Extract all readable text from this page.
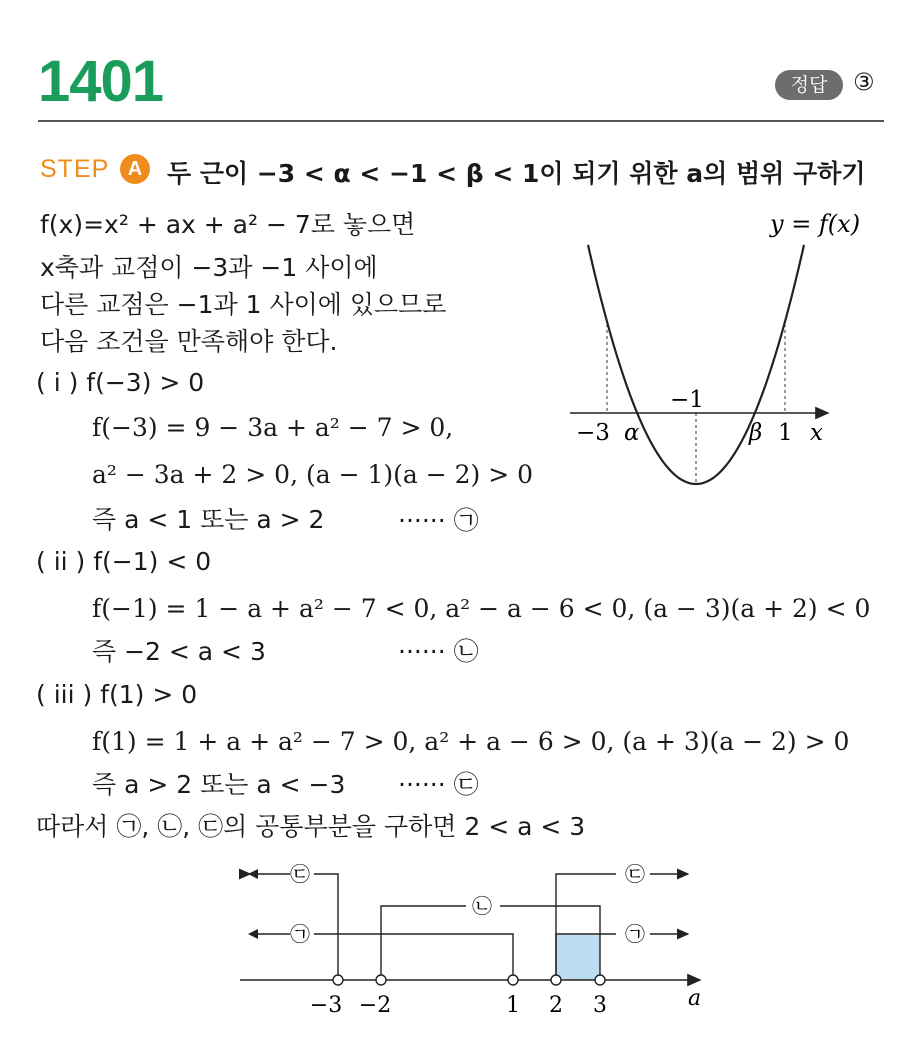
1401	정답	③
STEP A 두 근이 −3 < α < −1 < β < 1이 되기 위한 a의 범위 구하기
f(x)=x² + ax + a² − 7로 놓으면
x축과 교점이 −3과 −1 사이에
다른 교점은 −1과 1 사이에 있으므로
다음 조건을 만족해야 한다.
( i ) f(−3) > 0
f(−3) = 9 − 3a + a² − 7 > 0,
a² − 3a + 2 > 0, (a − 1)(a − 2) > 0
즉 a < 1 또는 a > 2	······ ㉠
( ii ) f(−1) < 0
f(−1) = 1 − a + a² − 7 < 0, a² − a − 6 < 0, (a − 3)(a + 2) < 0
즉 −2 < a < 3	······ ㉡
( iii ) f(1) > 0
f(1) = 1 + a + a² − 7 > 0, a² + a − 6 > 0, (a + 3)(a − 2) > 0
즉 a > 2 또는 a < −3 ······ ㉢
따라서 ㉠, ㉡, ㉢의 공통부분을 구하면 2 < a < 3
y = f(x)
−3 α	β 1 x
−1
㉢	㉢
㉡
㉠	㉠
−3 −2	1 2 3	a
